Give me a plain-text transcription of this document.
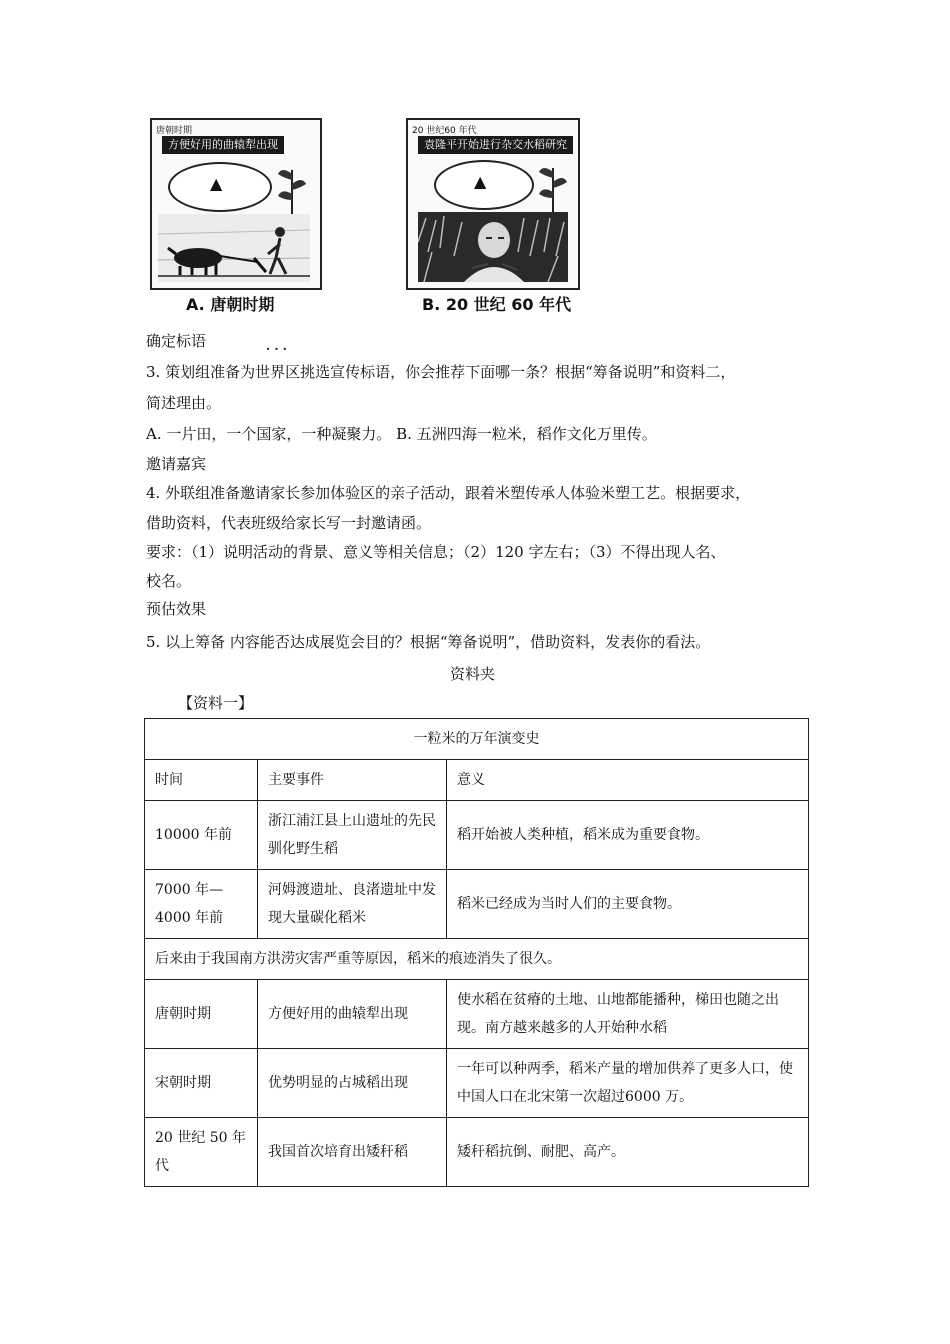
唐朝时期
方便好用的曲辕犁出现
▲
A. 唐朝时期
20 世纪60 年代
袁隆平开始进行杂交水稻研究
▲
B. 20 世纪 60 年代
确定标语	· · ·
3. 策划组准备为世界区挑选宣传标语，你会推荐下面哪一条？根据“筹备说明”和资料二，
简述理由。
A. 一片田，一个国家，一种凝聚力。 B. 五洲四海一粒米，稻作文化万里传。
邀请嘉宾
4. 外联组准备邀请家长参加体验区的亲子活动，跟着米塑传承人体验米塑工艺。根据要求，
借助资料，代表班级给家长写一封邀请函。
要求：（1）说明活动的背景、意义等相关信息；（2）120 字左右；（3）不得出现人名、
校名。
预估效果
5. 以上筹备 内容能否达成展览会目的？根据“筹备说明”，借助资料，发表你的看法。
资料夹
【资料一】
一粒米的万年演变史		
时间	主要事件	意义
10000 年前	浙江浦江县上山遗址的先民驯化野生稻	稻开始被人类种植，稻米成为重要食物。
7000 年—4000 年前	河姆渡遗址、良渚遗址中发现大量碳化稻米	稻米已经成为当时人们的主要食物。
后来由于我国南方洪涝灾害严重等原因，稻米的痕迹消失了很久。		
唐朝时期	方便好用的曲辕犁出现	使水稻在贫瘠的土地、山地都能播种，梯田也随之出现。南方越来越多的人开始种水稻
宋朝时期	优势明显的占城稻出现	一年可以种两季，稻米产量的增加供养了更多人口，使中国人口在北宋第一次超过6000 万。
20 世纪 50 年代	我国首次培育出矮秆稻	矮秆稻抗倒、耐肥、高产。
